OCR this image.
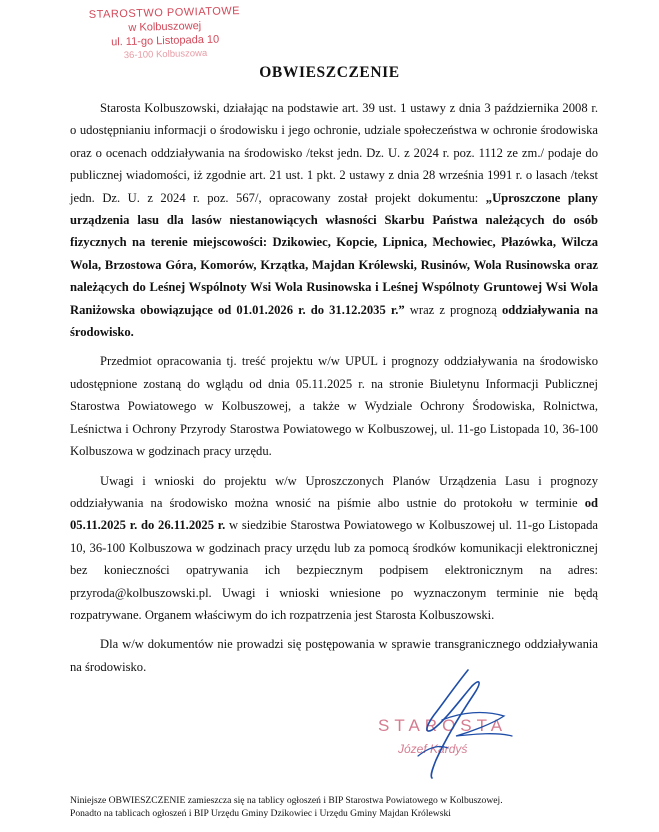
STAROSTWO POWIATOWE
w Kolbuszowej
ul. 11-go Listopada 10
36-100 Kolbuszowa
OBWIESZCZENIE

Starosta Kolbuszowski, działając na podstawie art. 39 ust. 1 ustawy z dnia 3 października 2008 r. o udostępnianiu informacji o środowisku i jego ochronie, udziale społeczeństwa w ochronie środowiska oraz o ocenach oddziaływania na środowisko /tekst jedn. Dz. U. z 2024 r. poz. 1112 ze zm./ podaje do publicznej wiadomości, iż zgodnie art. 21 ust. 1 pkt. 2 ustawy z dnia 28 września 1991 r. o lasach /tekst jedn. Dz. U. z 2024 r. poz. 567/, opracowany został projekt dokumentu: „Uproszczone plany urządzenia lasu dla lasów niestanowiących własności Skarbu Państwa należących do osób fizycznych na terenie miejscowości: Dzikowiec, Kopcie, Lipnica, Mechowiec, Płazówka, Wilcza Wola, Brzostowa Góra, Komorów, Krzątka, Majdan Królewski, Rusinów, Wola Rusinowska oraz należących do Leśnej Wspólnoty Wsi Wola Rusinowska i Leśnej Wspólnoty Gruntowej Wsi Wola Raniżowska obowiązujące od 01.01.2026 r. do 31.12.2035 r.” wraz z prognozą oddziaływania na środowisko.

Przedmiot opracowania tj. treść projektu w/w UPUL i prognozy oddziaływania na środowisko udostępnione zostaną do wglądu od dnia 05.11.2025 r. na stronie Biuletynu Informacji Publicznej Starostwa Powiatowego w Kolbuszowej, a także w Wydziale Ochrony Środowiska, Rolnictwa, Leśnictwa i Ochrony Przyrody Starostwa Powiatowego w Kolbuszowej, ul. 11-go Listopada 10, 36-100 Kolbuszowa w godzinach pracy urzędu.

Uwagi i wnioski do projektu w/w Uproszczonych Planów Urządzenia Lasu i prognozy oddziaływania na środowisko można wnosić na piśmie albo ustnie do protokołu w terminie od 05.11.2025 r. do 26.11.2025 r. w siedzibie Starostwa Powiatowego w Kolbuszowej ul. 11-go Listopada 10, 36-100 Kolbuszowa w godzinach pracy urzędu lub za pomocą środków komunikacji elektronicznej bez konieczności opatrywania ich bezpiecznym podpisem elektronicznym na adres: przyroda@kolbuszowski.pl. Uwagi i wnioski wniesione po wyznaczonym terminie nie będą rozpatrywane. Organem właściwym do ich rozpatrzenia jest Starosta Kolbuszowski.

Dla w/w dokumentów nie prowadzi się postępowania w sprawie transgranicznego oddziaływania na środowisko.

STAROSTA
Józef Kardyś
Niniejsze OBWIESZCZENIE zamieszcza się na tablicy ogłoszeń i BIP Starostwa Powiatowego w Kolbuszowej.
Ponadto na tablicach ogłoszeń i BIP Urzędu Gminy Dzikowiec i Urzędu Gminy Majdan Królewski
